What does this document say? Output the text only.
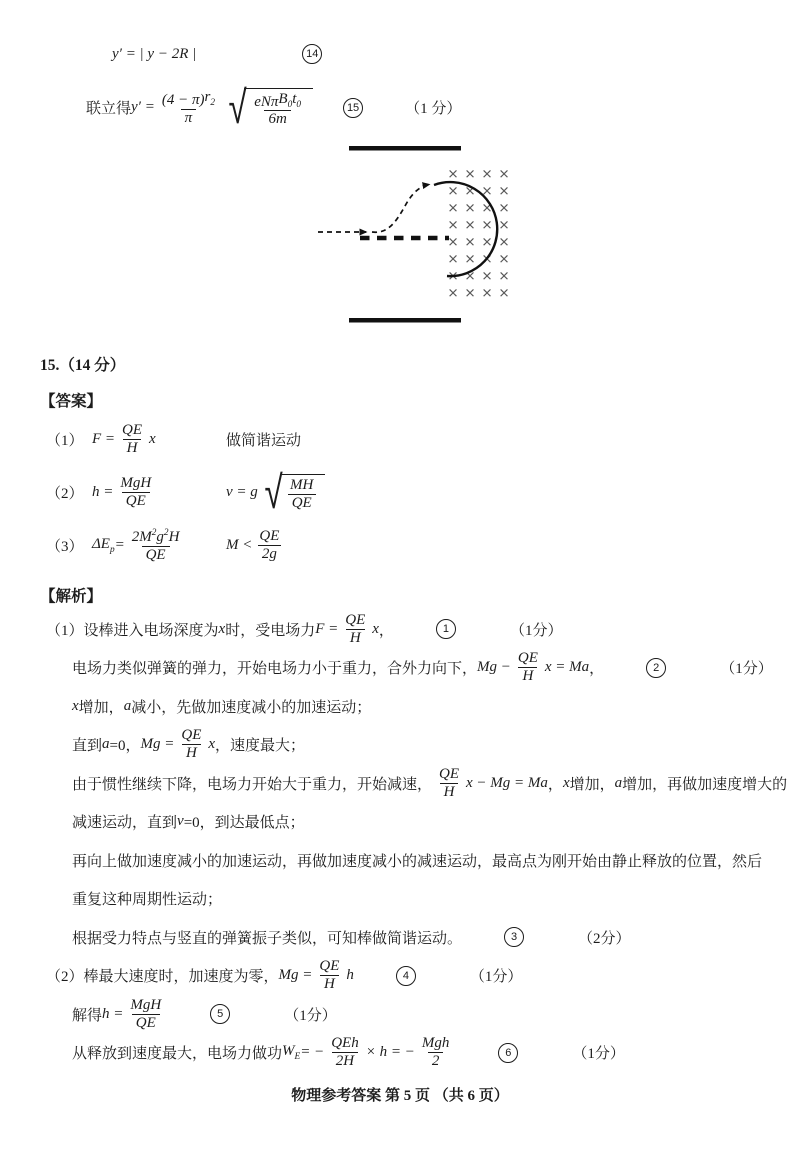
y′ = | y − 2R |	14
联立得 $y' = \frac{(4 - \pi) r_2}{\pi}$ √ $\frac{eN\pi B_0 t_0}{6m}$	15	（1 分）
× × × ×
× × × ×
× × × ×
× × × ×
× × × ×
× × × ×
× × × ×
× × × ×
15.（14 分）
【答案】
（1） $F = \frac{QE}{H}$ x	做简谐运动
（2） $h = \frac{\text{MgH}}{QE}$	v = g √ $\frac{MH}{QE}$
（3） $\Delta E_p = \frac{2 M^2 g^2 H}{QE}$	$M < \frac{QE}{2g}$
【解析】
（1）设棒进入电场深度为 x 时，受电场力 $F = \frac{QE}{H}$ x ，	1	（1分）
电场力类似弹簧的弹力，开始电场力小于重力，合外力向下， $Mg - \frac{QE}{H}$ x = Ma ，	2	（1分）
x 增加， a 减小，先做加速度减小的加速运动；
直到 a =0， $Mg = \frac{QE}{H}$ x ，速度最大；
由于惯性继续下降，电场力开始大于重力，开始减速， $\frac{QE}{H}$ x − Mg = Ma ， x 增加， a 增加，再做加速度增大的
减速运动，直到 v =0，到达最低点；
再向上做加速度减小的加速运动，再做加速度减小的减速运动，最高点为刚开始由静止释放的位置，然后
重复这种周期性运动；
根据受力特点与竖直的弹簧振子类似，可知棒做简谐运动。	3	（2分）
（2）棒最大速度时，加速度为零， $Mg = \frac{QE}{H}$ h	4	（1分）
解得 $h = \frac{\text{MgH}}{QE}$	5	（1分）
从释放到速度最大，电场力做功 $W_E$ = − $\frac{\text{QEh}}{2H} \times h$ = − $\frac{\text{Mgh}}{2}$	6	（1分）
物理参考答案 第 5 页 （共 6 页）
